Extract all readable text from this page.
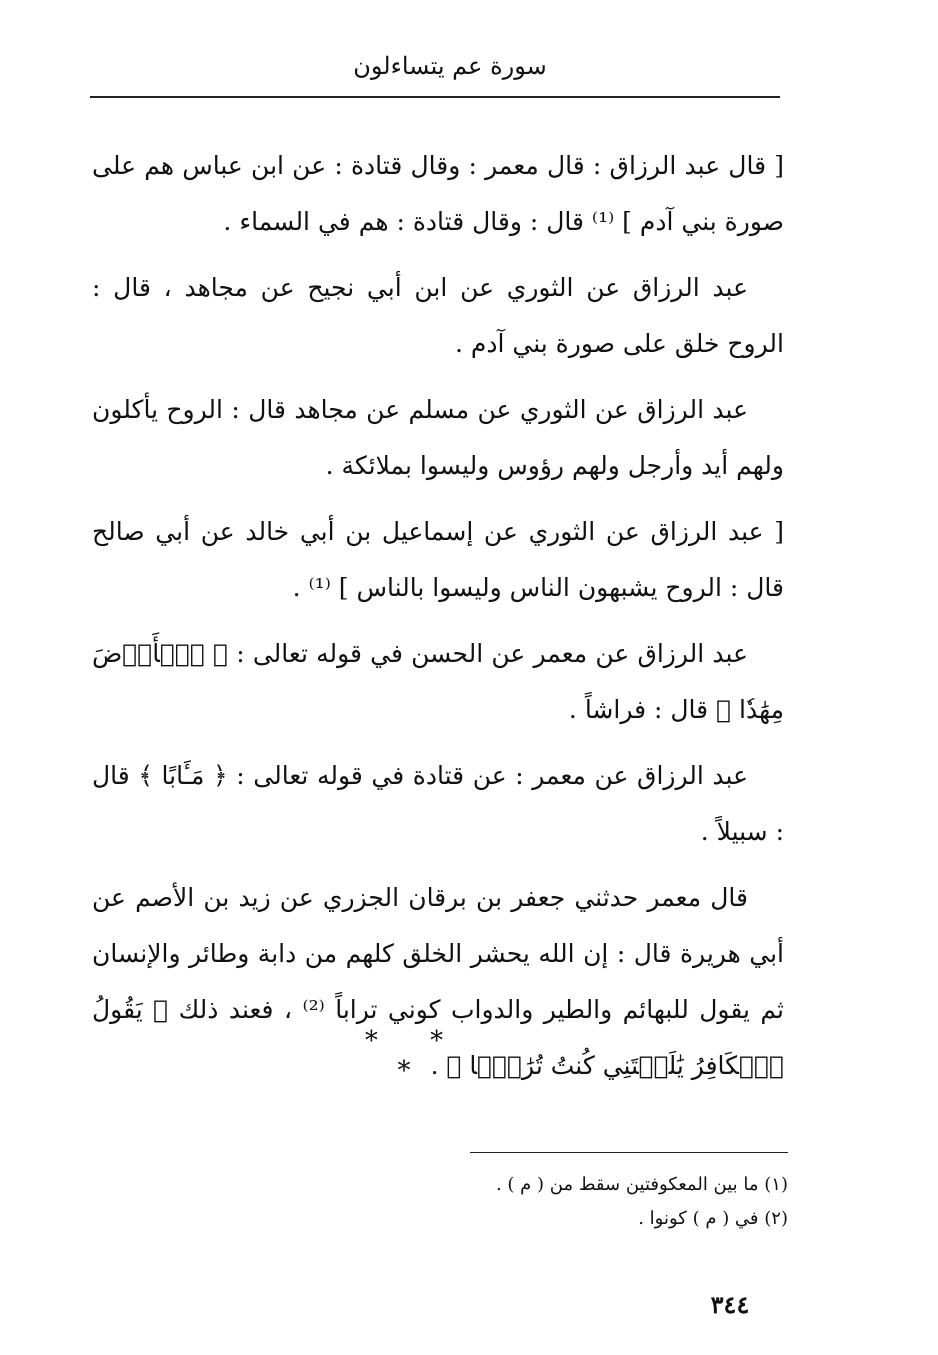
سورة عم يتساءلون

[ قال عبد الرزاق : قال معمر : وقال قتادة : عن ابن عباس هم على صورة بني آدم ] ⁽¹⁾ قال : وقال قتادة : هم في السماء .

عبد الرزاق عن الثوري عن ابن أبي نجيح عن مجاهد ، قال : الروح خلق على صورة بني آدم .

عبد الرزاق عن الثوري عن مسلم عن مجاهد قال : الروح يأكلون ولهم أيد وأرجل ولهم رؤوس وليسوا بملائكة .

[ عبد الرزاق عن الثوري عن إسماعيل بن أبي خالد عن أبي صالح قال : الروح يشبهون الناس وليسوا بالناس ] ⁽¹⁾ .

عبد الرزاق عن معمر عن الحسن في قوله تعالى : ﴿ ٱلۡأَرۡضَ مِهَٰدٗا ﴾ قال : فراشاً .

عبد الرزاق عن معمر : عن قتادة في قوله تعالى : ﴿ مَـَٔابًا ﴾ قال : سبيلاً .

قال معمر حدثني جعفر بن برقان الجزري عن زيد بن الأصم عن أبي هريرة قال : إن الله يحشر الخلق كلهم من دابة وطائر والإنسان ثم يقول للبهائم والطير والدواب كوني تراباً ⁽²⁾ ، فعند ذلك ﴿ يَقُولُ ٱلۡكَافِرُ يَٰلَيۡتَنِي كُنتُ تُرَٰبَۢا ﴾ .

* * *
(١) ما بين المعكوفتين سقط من ( م ) .
(٢) في ( م ) كونوا .
٣٤٤
